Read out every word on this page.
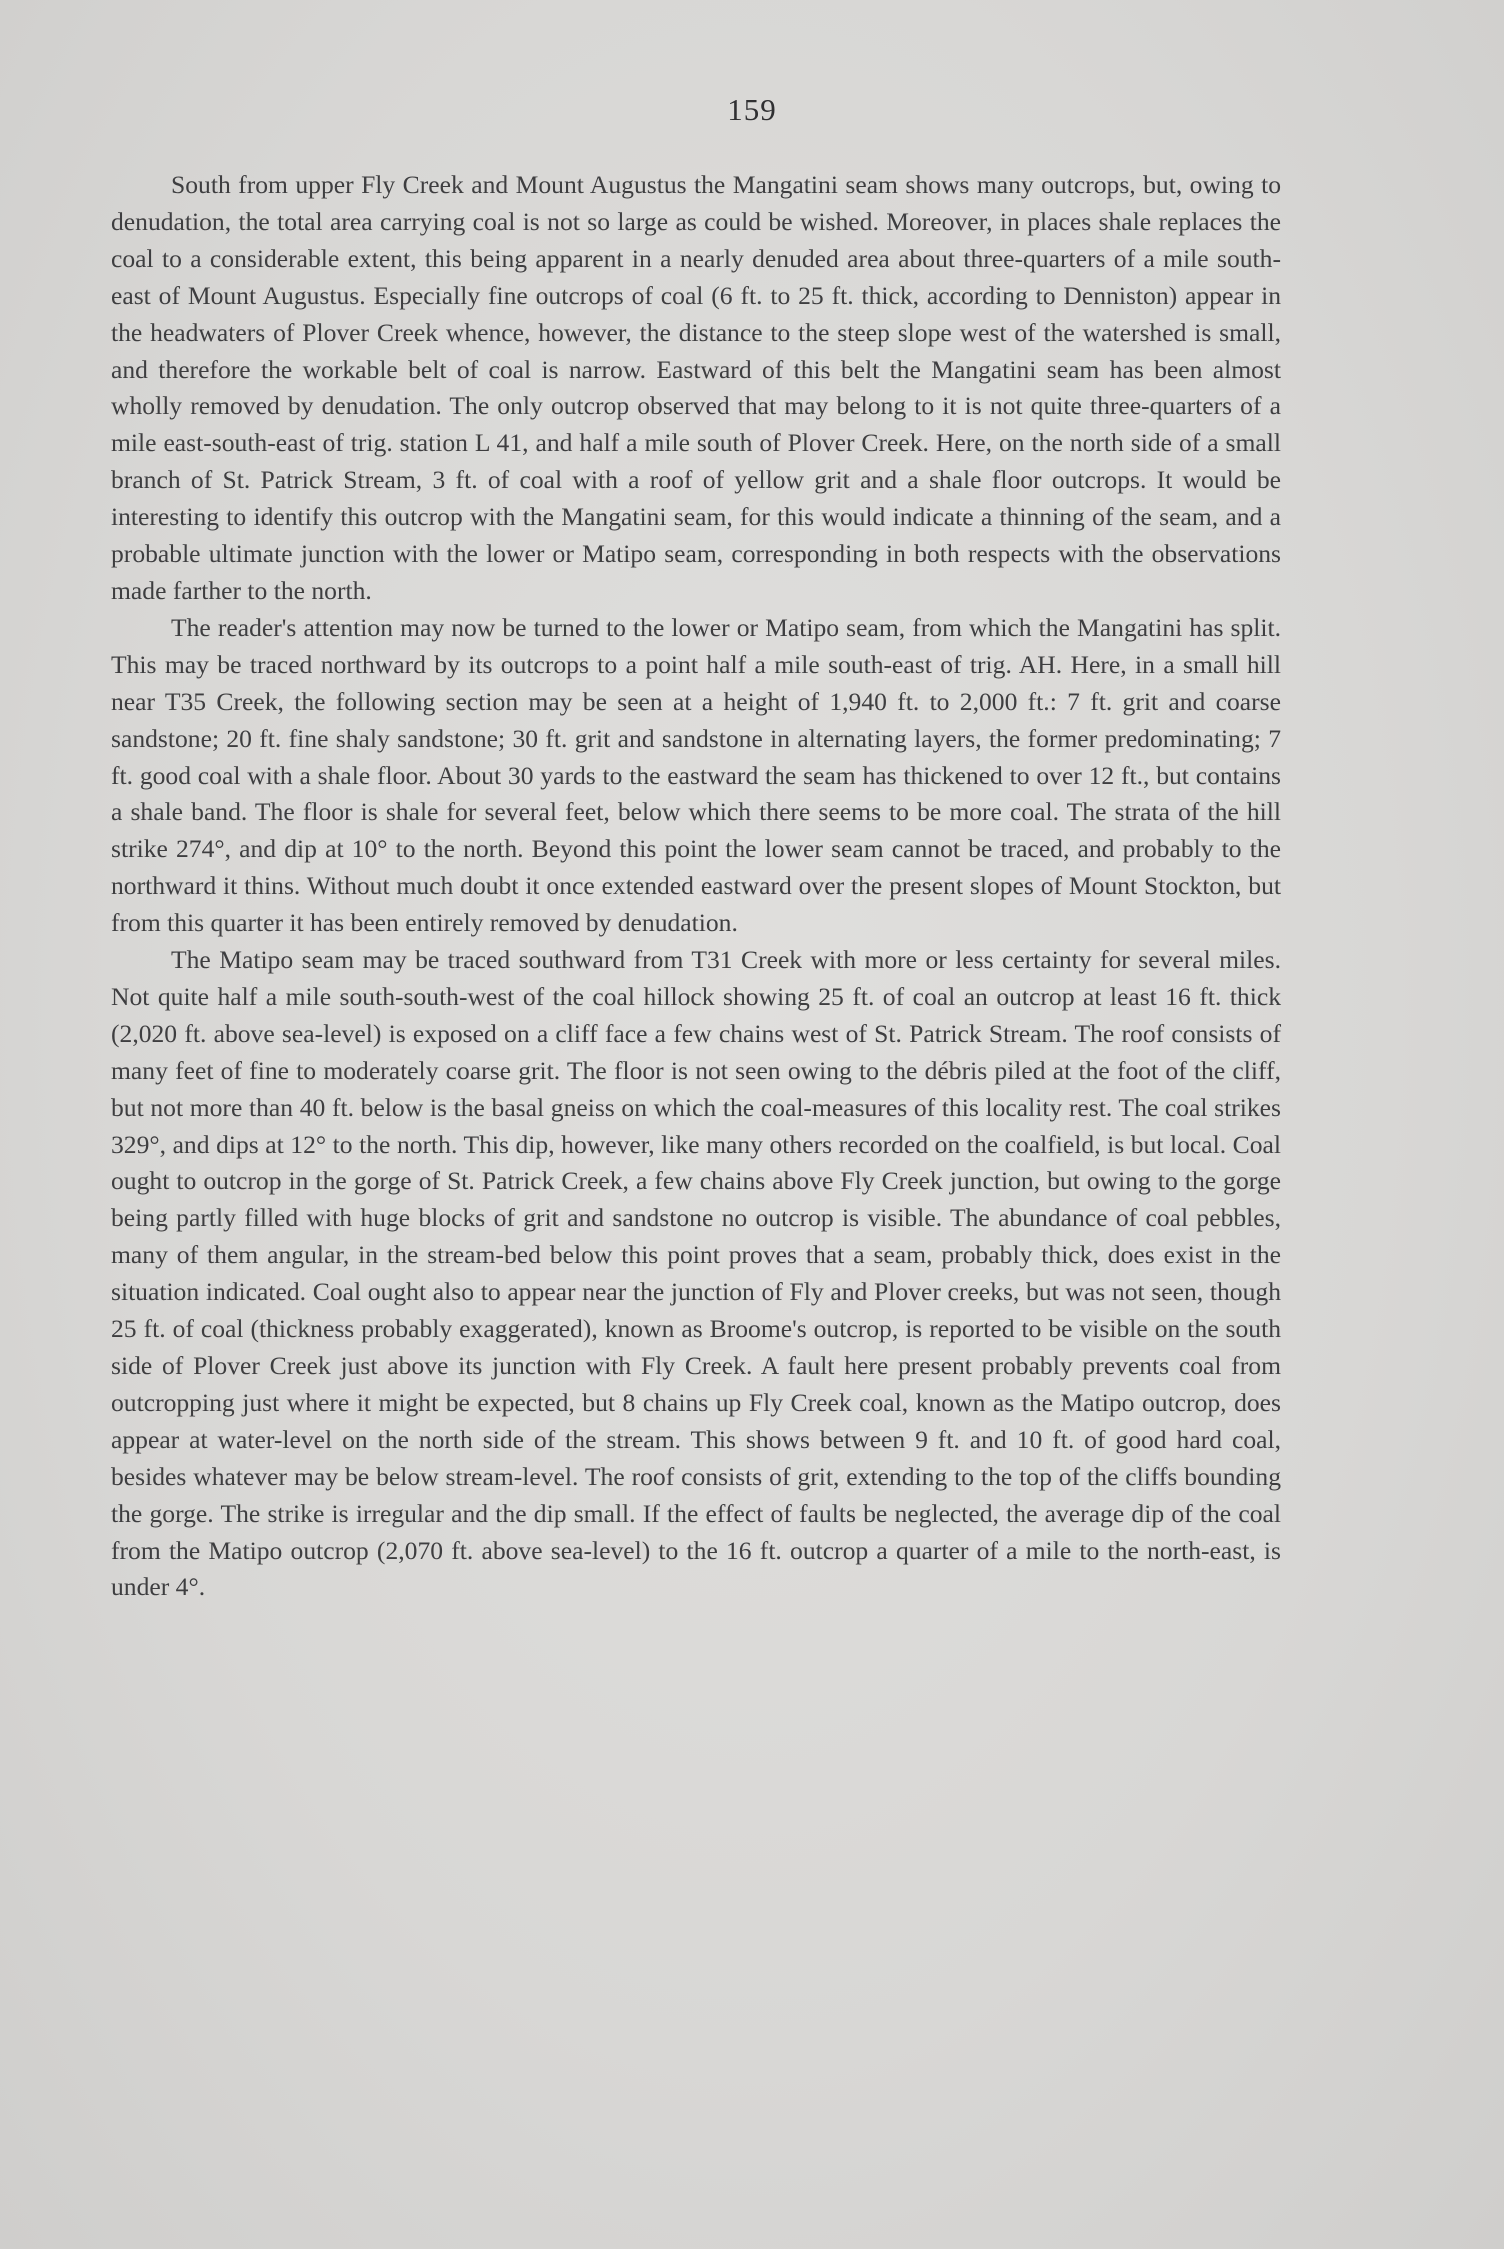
159

South from upper Fly Creek and Mount Augustus the Mangatini seam shows many outcrops, but, owing to denudation, the total area carrying coal is not so large as could be wished. Moreover, in places shale replaces the coal to a considerable extent, this being apparent in a nearly denuded area about three-quarters of a mile south-east of Mount Augustus. Especially fine outcrops of coal (6 ft. to 25 ft. thick, according to Denniston) appear in the headwaters of Plover Creek whence, however, the distance to the steep slope west of the watershed is small, and therefore the workable belt of coal is narrow. Eastward of this belt the Mangatini seam has been almost wholly removed by denudation. The only outcrop observed that may belong to it is not quite three-quarters of a mile east-south-east of trig. station L 41, and half a mile south of Plover Creek. Here, on the north side of a small branch of St. Patrick Stream, 3 ft. of coal with a roof of yellow grit and a shale floor outcrops. It would be interesting to identify this outcrop with the Mangatini seam, for this would indicate a thinning of the seam, and a probable ultimate junction with the lower or Matipo seam, corresponding in both respects with the observations made farther to the north.

The reader's attention may now be turned to the lower or Matipo seam, from which the Mangatini has split. This may be traced northward by its outcrops to a point half a mile south-east of trig. AH. Here, in a small hill near T35 Creek, the following section may be seen at a height of 1,940 ft. to 2,000 ft.: 7 ft. grit and coarse sandstone; 20 ft. fine shaly sandstone; 30 ft. grit and sandstone in alternating layers, the former predominating; 7 ft. good coal with a shale floor. About 30 yards to the eastward the seam has thickened to over 12 ft., but contains a shale band. The floor is shale for several feet, below which there seems to be more coal. The strata of the hill strike 274°, and dip at 10° to the north. Beyond this point the lower seam cannot be traced, and probably to the northward it thins. Without much doubt it once extended eastward over the present slopes of Mount Stockton, but from this quarter it has been entirely removed by denudation.

The Matipo seam may be traced southward from T31 Creek with more or less certainty for several miles. Not quite half a mile south-south-west of the coal hillock showing 25 ft. of coal an outcrop at least 16 ft. thick (2,020 ft. above sea-level) is exposed on a cliff face a few chains west of St. Patrick Stream. The roof consists of many feet of fine to moderately coarse grit. The floor is not seen owing to the débris piled at the foot of the cliff, but not more than 40 ft. below is the basal gneiss on which the coal-measures of this locality rest. The coal strikes 329°, and dips at 12° to the north. This dip, however, like many others recorded on the coalfield, is but local. Coal ought to outcrop in the gorge of St. Patrick Creek, a few chains above Fly Creek junction, but owing to the gorge being partly filled with huge blocks of grit and sandstone no outcrop is visible. The abundance of coal pebbles, many of them angular, in the stream-bed below this point proves that a seam, probably thick, does exist in the situation indicated. Coal ought also to appear near the junction of Fly and Plover creeks, but was not seen, though 25 ft. of coal (thickness probably exaggerated), known as Broome's outcrop, is reported to be visible on the south side of Plover Creek just above its junction with Fly Creek. A fault here present probably prevents coal from outcropping just where it might be expected, but 8 chains up Fly Creek coal, known as the Matipo outcrop, does appear at water-level on the north side of the stream. This shows between 9 ft. and 10 ft. of good hard coal, besides whatever may be below stream-level. The roof consists of grit, extending to the top of the cliffs bounding the gorge. The strike is irregular and the dip small. If the effect of faults be neglected, the average dip of the coal from the Matipo outcrop (2,070 ft. above sea-level) to the 16 ft. outcrop a quarter of a mile to the north-east, is under 4°.
